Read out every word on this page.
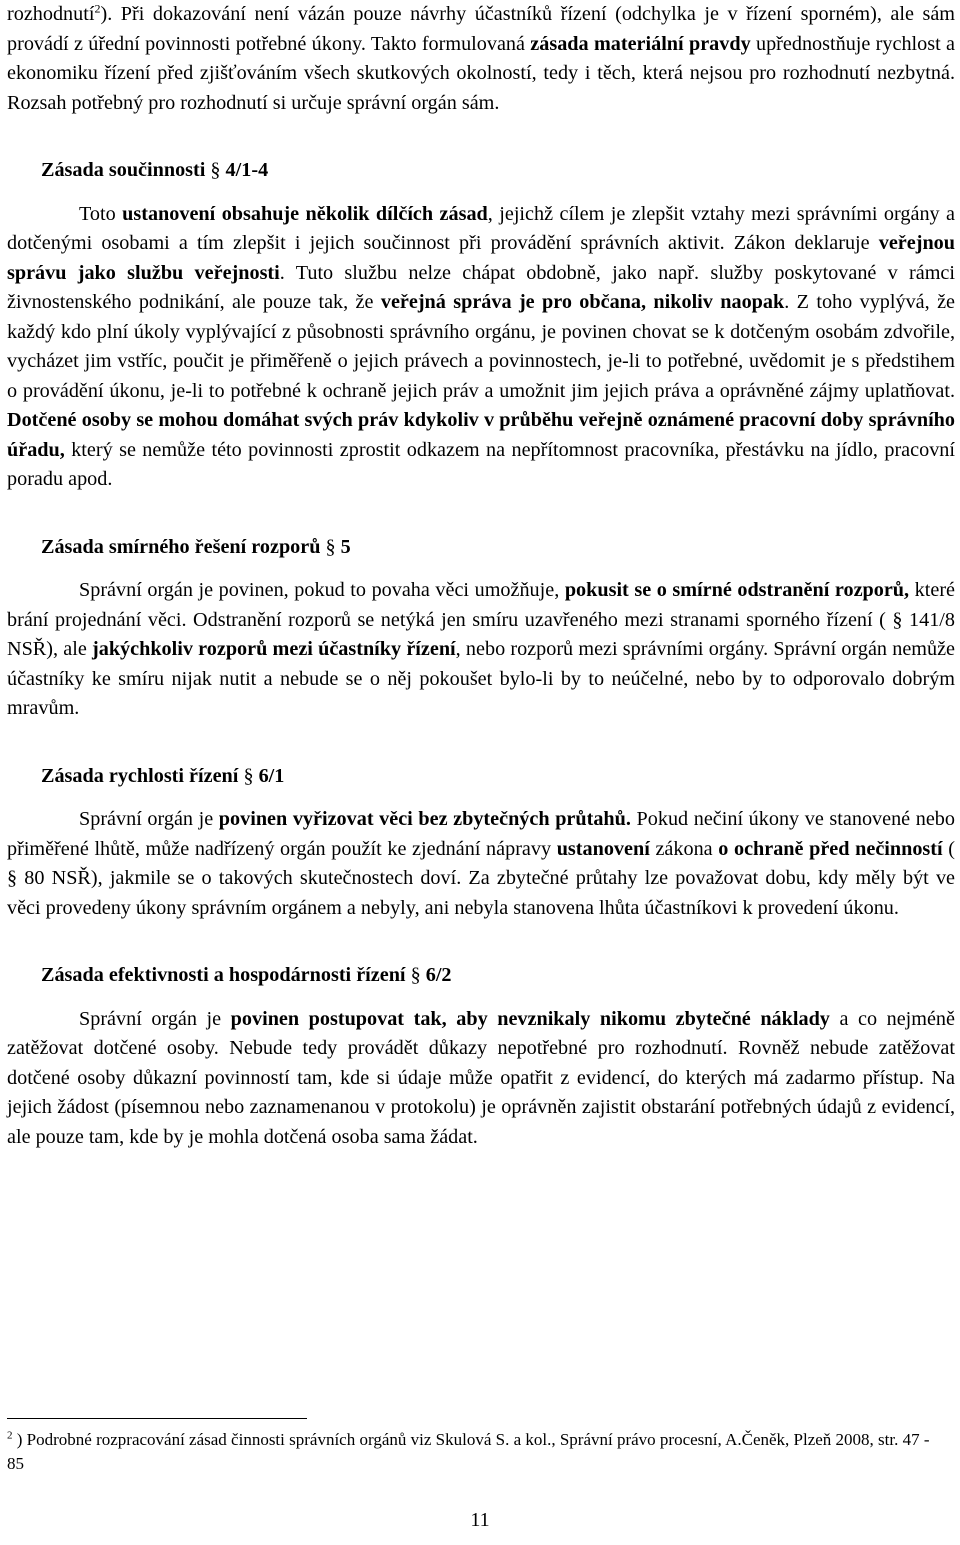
rozhodnutí$^2$). Při dokazování není vázán pouze návrhy účastníků řízení (odchylka je v řízení sporném), ale sám provádí z úřední povinnosti potřebné úkony. Takto formulovaná zásada materiální pravdy upřednostňuje rychlost a ekonomiku řízení před zjišťováním všech skutkových okolností, tedy i těch, která nejsou pro rozhodnutí nezbytná. Rozsah potřebný pro rozhodnutí si určuje správní orgán sám.

Zásada součinnosti § 4/1-4

Toto ustanovení obsahuje několik dílčích zásad, jejichž cílem je zlepšit vztahy mezi správními orgány a dotčenými osobami a tím zlepšit i jejich součinnost při provádění správních aktivit. Zákon deklaruje veřejnou správu jako službu veřejnosti. Tuto službu nelze chápat obdobně, jako např. služby poskytované v rámci živnostenského podnikání, ale pouze tak, že veřejná správa je pro občana, nikoliv naopak. Z toho vyplývá, že každý kdo plní úkoly vyplývající z působnosti správního orgánu, je povinen chovat se k dotčeným osobám zdvořile, vycházet jim vstříc, poučit je přiměřeně o jejich právech a povinnostech, je-li to potřebné, uvědomit je s předstihem o provádění úkonu, je-li to potřebné k ochraně jejich práv a umožnit jim jejich práva a oprávněné zájmy uplatňovat. Dotčené osoby se mohou domáhat svých práv kdykoliv v průběhu veřejně oznámené pracovní doby správního úřadu, který se nemůže této povinnosti zprostit odkazem na nepřítomnost pracovníka, přestávku na jídlo, pracovní poradu apod.

Zásada smírného řešení rozporů § 5

Správní orgán je povinen, pokud to povaha věci umožňuje, pokusit se o smírné odstranění rozporů, které brání projednání věci. Odstranění rozporů se netýká jen smíru uzavřeného mezi stranami sporného řízení ( § 141/8 NSŘ), ale jakýchkoliv rozporů mezi účastníky řízení, nebo rozporů mezi správními orgány. Správní orgán nemůže účastníky ke smíru nijak nutit a nebude se o něj pokoušet bylo-li by to neúčelné, nebo by to odporovalo dobrým mravům.

Zásada rychlosti řízení § 6/1

Správní orgán je povinen vyřizovat věci bez zbytečných průtahů. Pokud nečiní úkony ve stanovené nebo přiměřené lhůtě, může nadřízený orgán použít ke zjednání nápravy ustanovení zákona o ochraně před nečinností ( § 80 NSŘ), jakmile se o takových skutečnostech doví. Za zbytečné průtahy lze považovat dobu, kdy měly být ve věci provedeny úkony správním orgánem a nebyly, ani nebyla stanovena lhůta účastníkovi k provedení úkonu.

Zásada efektivnosti a hospodárnosti řízení § 6/2

Správní orgán je povinen postupovat tak, aby nevznikaly nikomu zbytečné náklady a co nejméně zatěžovat dotčené osoby. Nebude tedy provádět důkazy nepotřebné pro rozhodnutí. Rovněž nebude zatěžovat dotčené osoby důkazní povinností tam, kde si údaje může opatřit z evidencí, do kterých má zadarmo přístup. Na jejich žádost (písemnou nebo zaznamenanou v protokolu) je oprávněn zajistit obstarání potřebných údajů z evidencí, ale pouze tam, kde by je mohla dotčená osoba sama žádat.

$^2$ ) Podrobné rozpracování zásad činnosti správních orgánů viz Skulová S. a kol., Správní právo procesní, A.Čeněk, Plzeň 2008, str. 47 - 85
11
